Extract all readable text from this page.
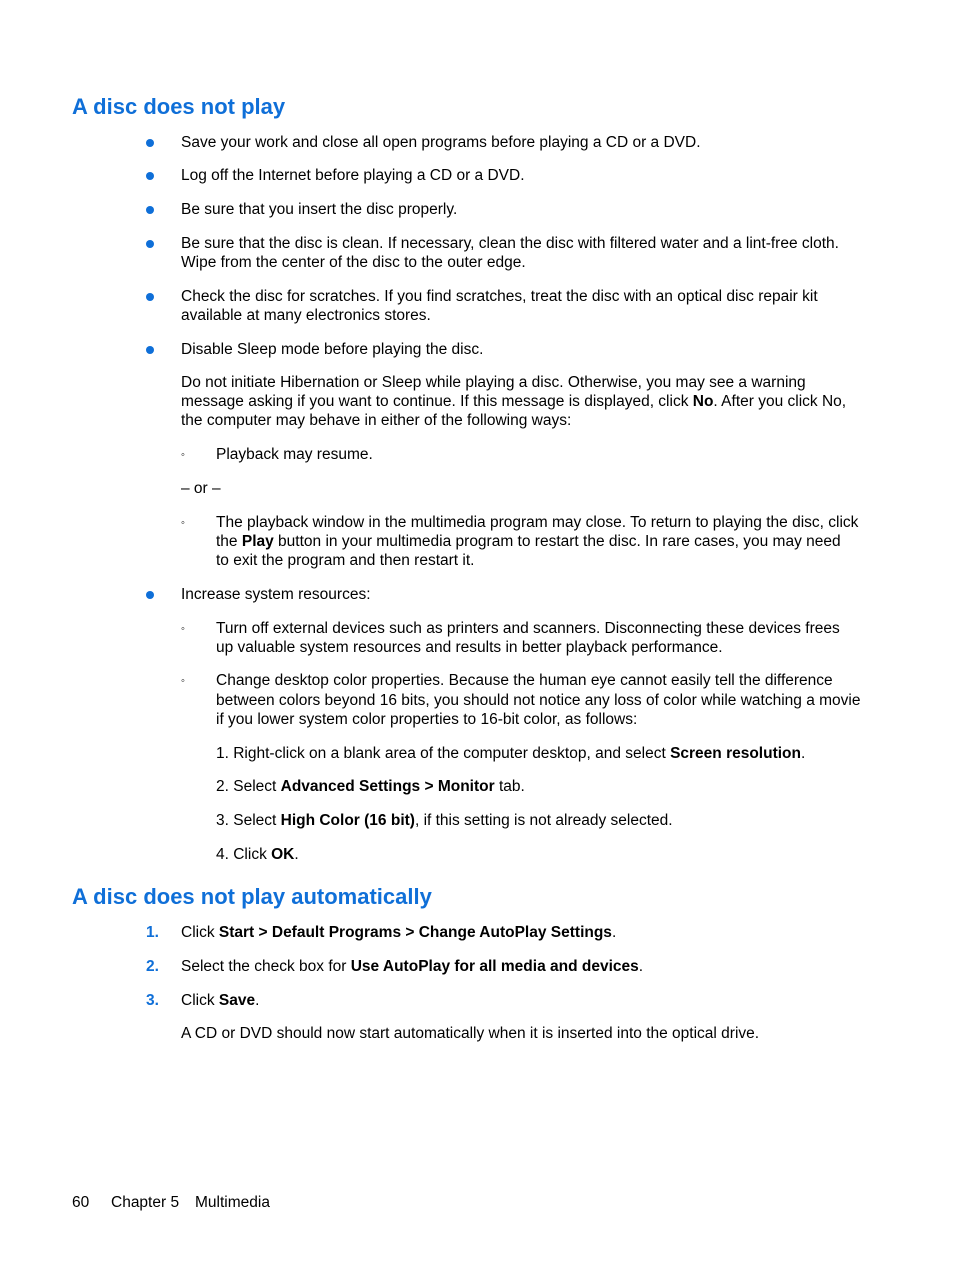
A disc does not play
Save your work and close all open programs before playing a CD or a DVD.
Log off the Internet before playing a CD or a DVD.
Be sure that you insert the disc properly.
Be sure that the disc is clean. If necessary, clean the disc with filtered water and a lint-free cloth.
Wipe from the center of the disc to the outer edge.
Check the disc for scratches. If you find scratches, treat the disc with an optical disc repair kit
available at many electronics stores.
Disable Sleep mode before playing the disc.
Do not initiate Hibernation or Sleep while playing a disc. Otherwise, you may see a warning
message asking if you want to continue. If this message is displayed, click No. After you click No,
the computer may behave in either of the following ways:
◦ Playback may resume.
– or –
◦ The playback window in the multimedia program may close. To return to playing the disc, click
the Play button in your multimedia program to restart the disc. In rare cases, you may need
to exit the program and then restart it.
Increase system resources:
◦ Turn off external devices such as printers and scanners. Disconnecting these devices frees
up valuable system resources and results in better playback performance.
◦ Change desktop color properties. Because the human eye cannot easily tell the difference
between colors beyond 16 bits, you should not notice any loss of color while watching a movie
if you lower system color properties to 16-bit color, as follows:
1. Right-click on a blank area of the computer desktop, and select Screen resolution.
2. Select Advanced Settings > Monitor tab.
3. Select High Color (16 bit), if this setting is not already selected.
4. Click OK.
A disc does not play automatically
1. Click Start > Default Programs > Change AutoPlay Settings.
2. Select the check box for Use AutoPlay for all media and devices.
3. Click Save.
A CD or DVD should now start automatically when it is inserted into the optical drive.
60 Chapter 5 Multimedia
